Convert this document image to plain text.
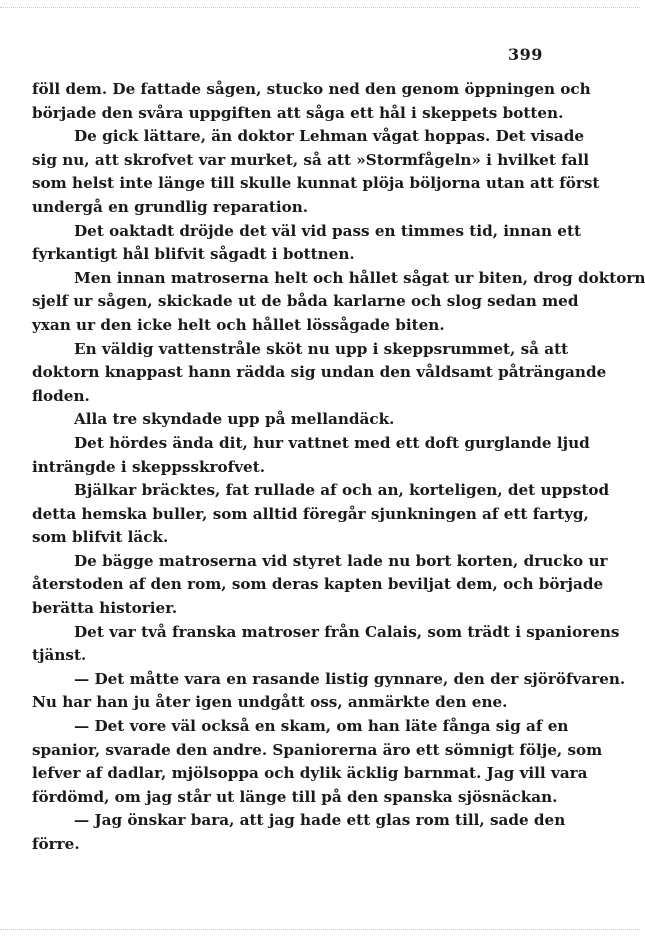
399
föll dem. De fattade sågen, stucko ned den genom öppningen och
började den svåra uppgiften att såga ett hål i skeppets botten.
De gick lättare, än doktor Lehman vågat hoppas. Det visade
sig nu, att skrofvet var murket, så att »Stormfågeln» i hvilket fall
som helst inte länge till skulle kunnat plöja böljorna utan att först
undergå en grundlig reparation.
Det oaktadt dröjde det väl vid pass en timmes tid, innan ett
fyrkantigt hål blifvit sågadt i bottnen.
Men innan matroserna helt och hållet sågat ur biten, drog doktorn
sjelf ur sågen, skickade ut de båda karlarne och slog sedan med
yxan ur den icke helt och hållet lössågade biten.
En väldig vattenstråle sköt nu upp i skeppsrummet, så att
doktorn knappast hann rädda sig undan den våldsamt påträngande
floden.
Alla tre skyndade upp på mellandäck.
Det hördes ända dit, hur vattnet med ett doft gurglande ljud
inträngde i skeppsskrofvet.
Bjälkar bräcktes, fat rullade af och an, korteligen, det uppstod
detta hemska buller, som alltid föregår sjunkningen af ett fartyg,
som blifvit läck.
De bägge matroserna vid styret lade nu bort korten, drucko ur
återstoden af den rom, som deras kapten beviljat dem, och började
berätta historier.
Det var två franska matroser från Calais, som trädt i spaniorens
tjänst.
— Det måtte vara en rasande listig gynnare, den der sjöröfvaren.
Nu har han ju åter igen undgått oss, anmärkte den ene.
— Det vore väl också en skam, om han läte fånga sig af en
spanior, svarade den andre. Spaniorerna äro ett sömnigt följe, som
lefver af dadlar, mjölsoppa och dylik äcklig barnmat. Jag vill vara
fördömd, om jag står ut länge till på den spanska sjösnäckan.
— Jag önskar bara, att jag hade ett glas rom till, sade den
förre.
